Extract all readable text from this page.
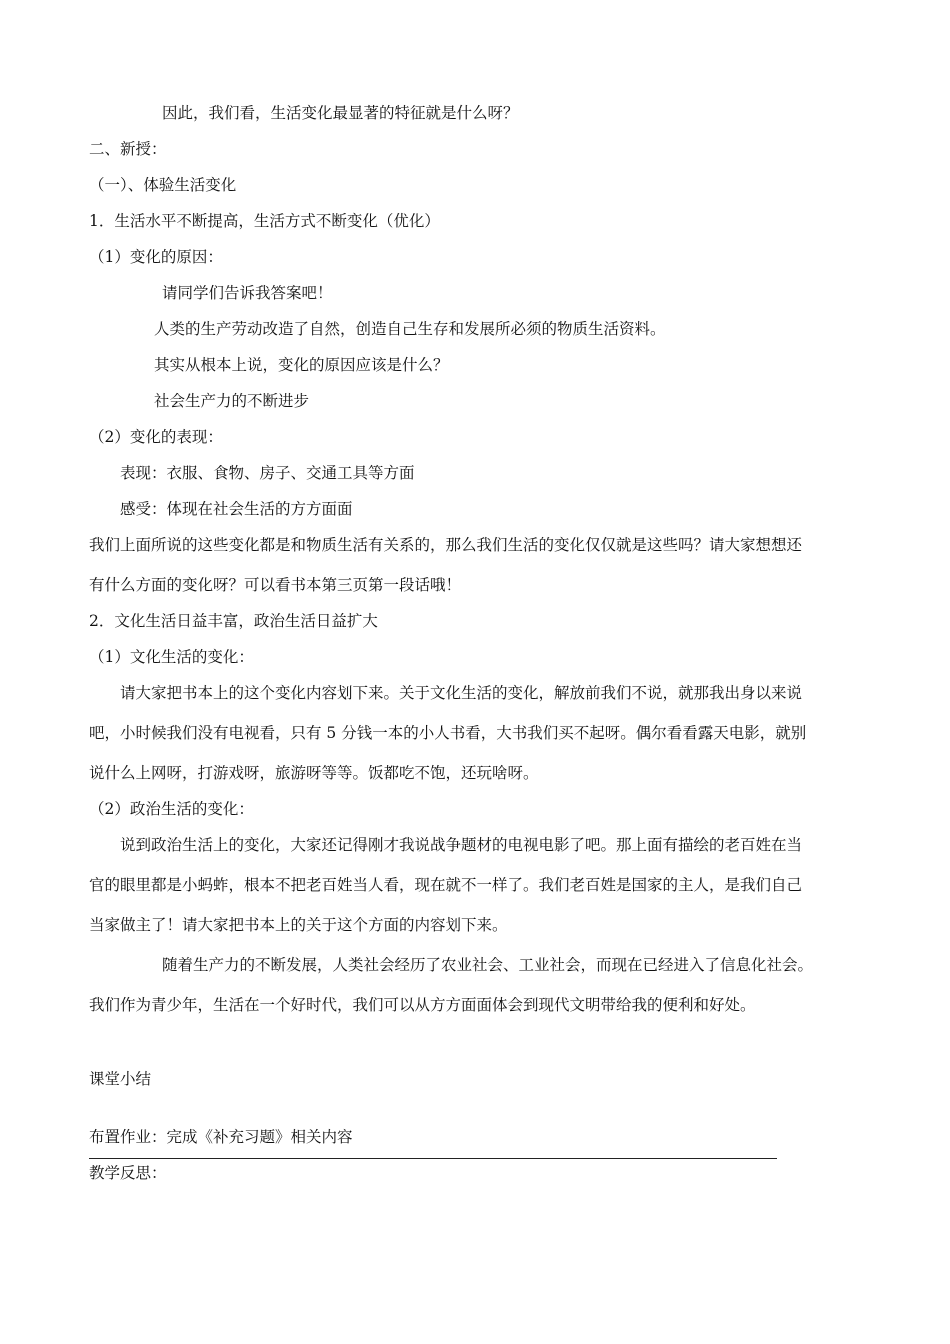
因此，我们看，生活变化最显著的特征就是什么呀？
二、新授：
（一）、体验生活变化
1．生活水平不断提高，生活方式不断变化（优化）
（1）变化的原因：
请同学们告诉我答案吧！
人类的生产劳动改造了自然，创造自己生存和发展所必须的物质生活资料。
其实从根本上说，变化的原因应该是什么？
社会生产力的不断进步
（2）变化的表现：
表现：衣服、食物、房子、交通工具等方面
感受：体现在社会生活的方方面面
我们上面所说的这些变化都是和物质生活有关系的，那么我们生活的变化仅仅就是这些吗？请大家想想还
有什么方面的变化呀？可以看书本第三页第一段话哦！
2．文化生活日益丰富，政治生活日益扩大
（1）文化生活的变化：
请大家把书本上的这个变化内容划下来。关于文化生活的变化，解放前我们不说，就那我出身以来说
吧，小时候我们没有电视看，只有 5 分钱一本的小人书看，大书我们买不起呀。偶尔看看露天电影，就别
说什么上网呀，打游戏呀，旅游呀等等。饭都吃不饱，还玩啥呀。
（2）政治生活的变化：
说到政治生活上的变化，大家还记得刚才我说战争题材的电视电影了吧。那上面有描绘的老百姓在当
官的眼里都是小蚂蚱，根本不把老百姓当人看，现在就不一样了。我们老百姓是国家的主人，是我们自己
当家做主了！请大家把书本上的关于这个方面的内容划下来。
随着生产力的不断发展，人类社会经历了农业社会、工业社会，而现在已经进入了信息化社会。
我们作为青少年，生活在一个好时代，我们可以从方方面面体会到现代文明带给我的便利和好处。
课堂小结
布置作业：完成《补充习题》相关内容
教学反思：
